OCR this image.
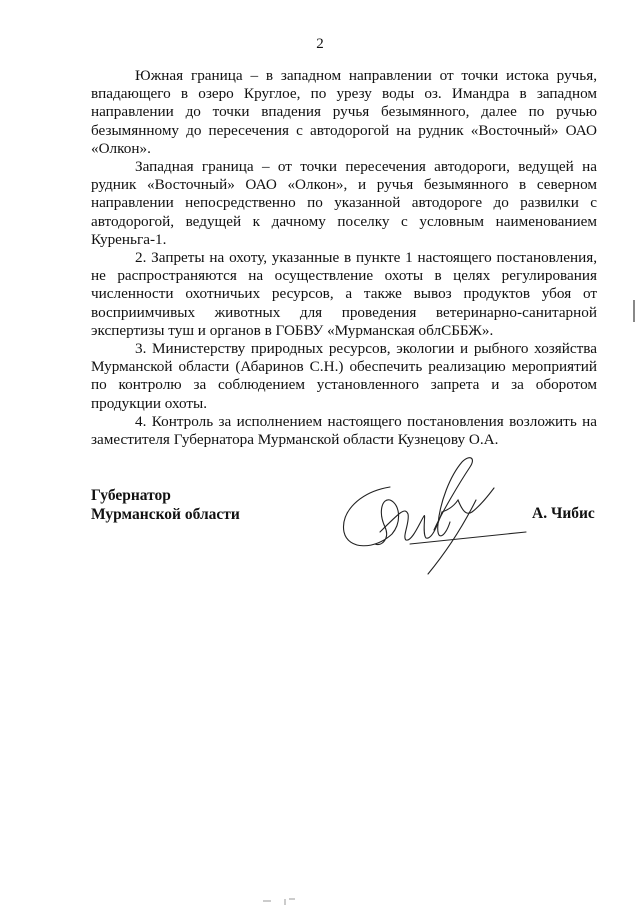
2

Южная граница – в западном направлении от точки истока ручья, впадающего в озеро Круглое, по урезу воды оз. Имандра в западном направлении до точки впадения ручья безымянного, далее по ручью безымянному до пересечения с автодорогой на рудник «Восточный» ОАО «Олкон».

Западная граница – от точки пересечения автодороги, ведущей на рудник «Восточный» ОАО «Олкон», и ручья безымянного в северном направлении непосредственно по указанной автодороге до развилки с автодорогой, ведущей к дачному поселку с условным наименованием Куреньга-1.

2. Запреты на охоту, указанные в пункте 1 настоящего постановления, не распространяются на осуществление охоты в целях регулирования численности охотничьих ресурсов, а также вывоз продуктов убоя от восприимчивых животных для проведения ветеринарно-санитарной экспертизы туш и органов в ГОБВУ «Мурманская облСББЖ».

3. Министерству природных ресурсов, экологии и рыбного хозяйства Мурманской области (Абаринов С.Н.) обеспечить реализацию мероприятий по контролю за соблюдением установленного запрета и за оборотом продукции охоты.

4. Контроль за исполнением настоящего постановления возложить на заместителя Губернатора Мурманской области Кузнецову О.А.

Губернатор
Мурманской области	А. Чибис
